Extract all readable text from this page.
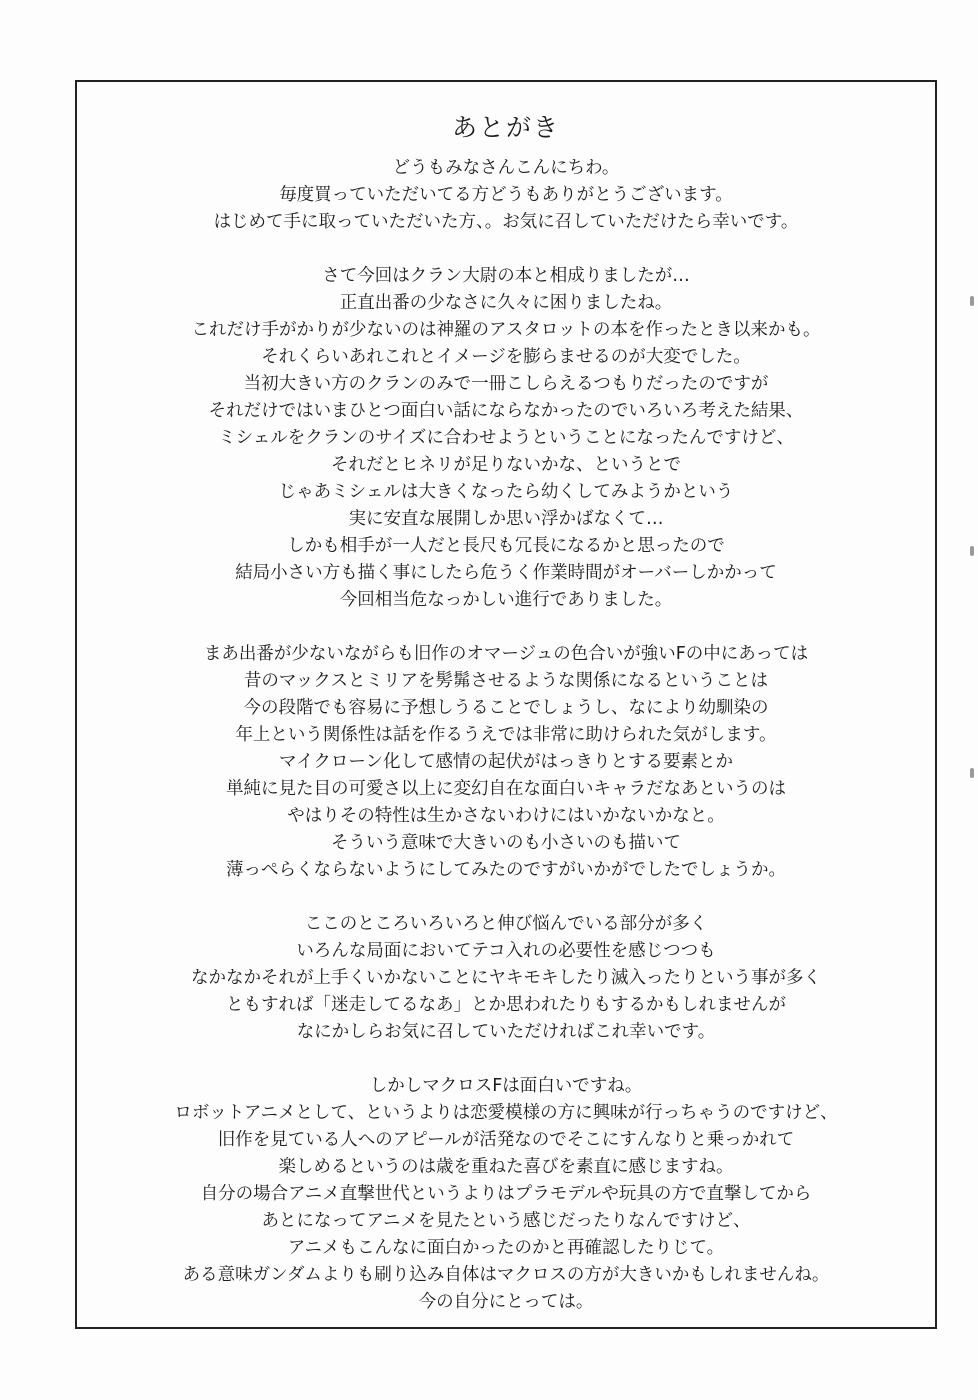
あとがき
どうもみなさんこんにちわ。
毎度買っていただいてる方どうもありがとうございます。
はじめて手に取っていただいた方、。お気に召していただけたら幸いです。
さて今回はクラン大尉の本と相成りましたが…
正直出番の少なさに久々に困りましたね。
これだけ手がかりが少ないのは神羅のアスタロットの本を作ったとき以来かも。
それくらいあれこれとイメージを膨らませるのが大変でした。
当初大きい方のクランのみで一冊こしらえるつもりだったのですが
それだけではいまひとつ面白い話にならなかったのでいろいろ考えた結果、
ミシェルをクランのサイズに合わせようということになったんですけど、
それだとヒネリが足りないかな、というとで
じゃあミシェルは大きくなったら幼くしてみようかという
実に安直な展開しか思い浮かばなくて…
しかも相手が一人だと長尺も冗長になるかと思ったので
結局小さい方も描く事にしたら危うく作業時間がオーバーしかかって
今回相当危なっかしい進行でありました。
まあ出番が少ないながらも旧作のオマージュの色合いが強いFの中にあっては
昔のマックスとミリアを髣髴させるような関係になるということは
今の段階でも容易に予想しうることでしょうし、なにより幼馴染の
年上という関係性は話を作るうえでは非常に助けられた気がします。
マイクローン化して感情の起伏がはっきりとする要素とか
単純に見た目の可愛さ以上に変幻自在な面白いキャラだなあというのは
やはりその特性は生かさないわけにはいかないかなと。
そういう意味で大きいのも小さいのも描いて
薄っぺらくならないようにしてみたのですがいかがでしたでしょうか。
ここのところいろいろと伸び悩んでいる部分が多く
いろんな局面においてテコ入れの必要性を感じつつも
なかなかそれが上手くいかないことにヤキモキしたり滅入ったりという事が多く
ともすれば「迷走してるなあ」とか思われたりもするかもしれませんが
なにかしらお気に召していただければこれ幸いです。
しかしマクロスFは面白いですね。
ロボットアニメとして、というよりは恋愛模様の方に興味が行っちゃうのですけど、
旧作を見ている人へのアピールが活発なのでそこにすんなりと乗っかれて
楽しめるというのは歳を重ねた喜びを素直に感じますね。
自分の場合アニメ直撃世代というよりはプラモデルや玩具の方で直撃してから
あとになってアニメを見たという感じだったりなんですけど、
アニメもこんなに面白かったのかと再確認したりじて。
ある意味ガンダムよりも刷り込み自体はマクロスの方が大きいかもしれませんね。
今の自分にとっては。
